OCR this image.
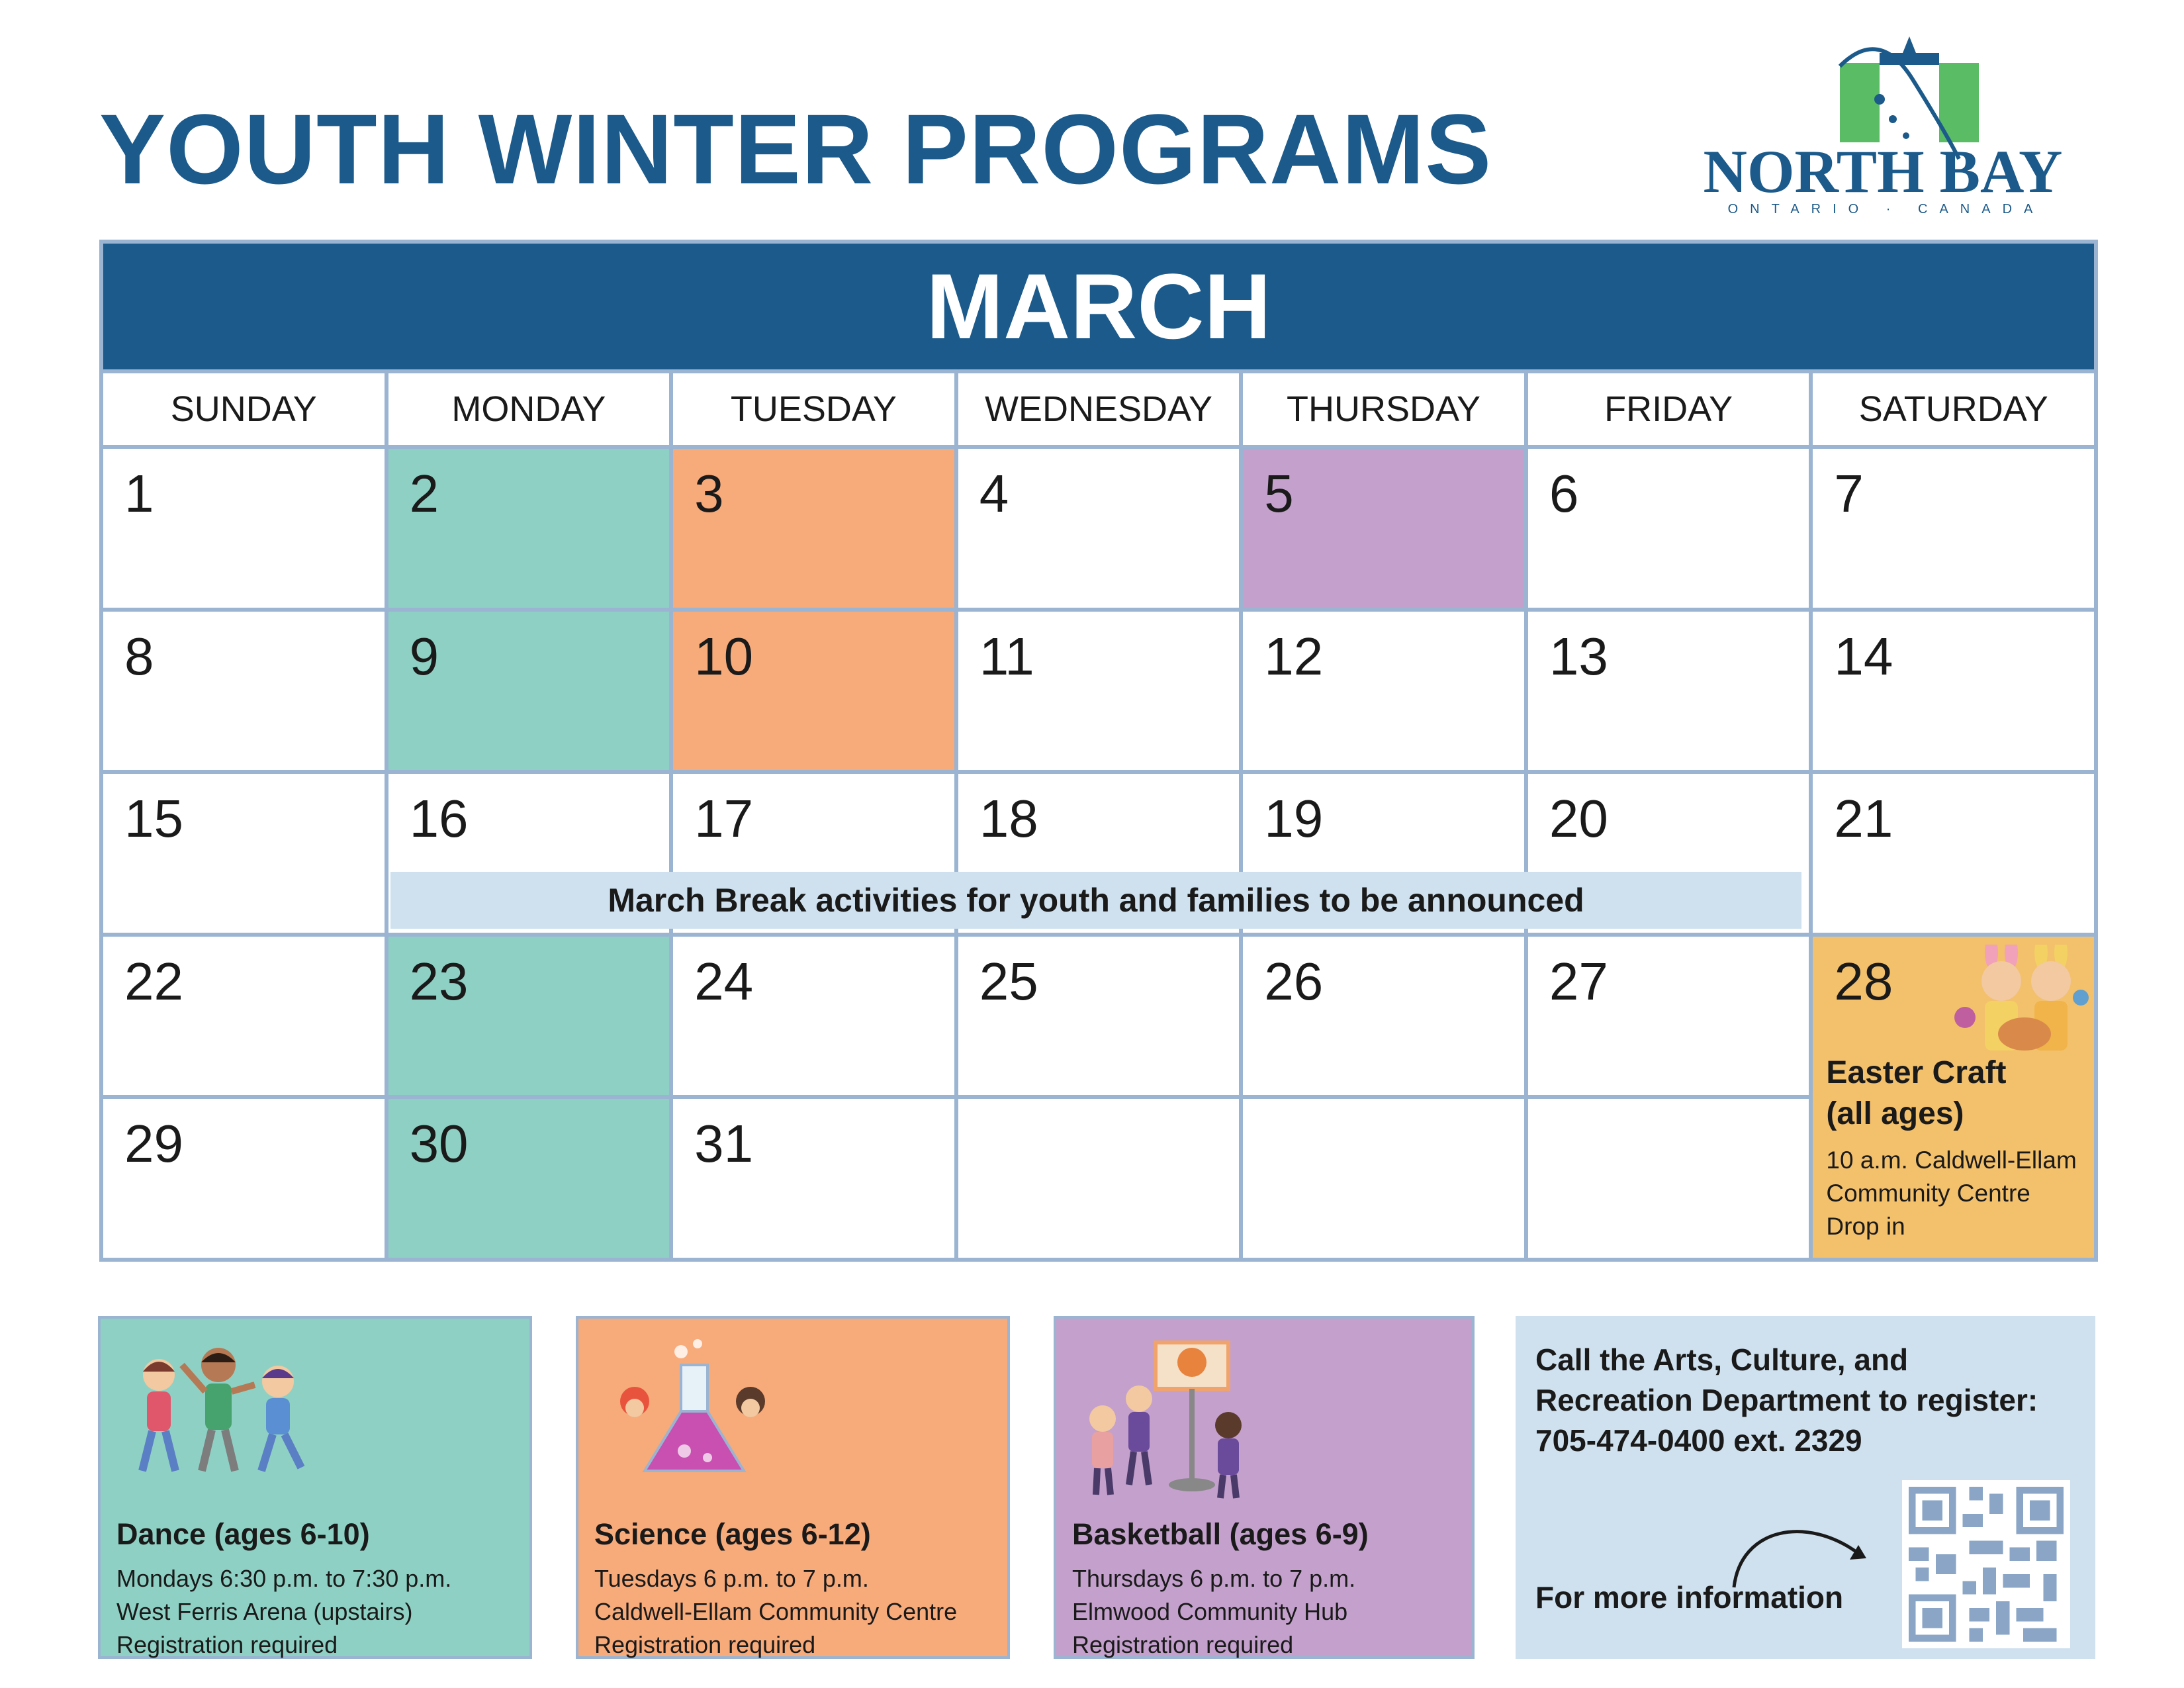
YOUTH WINTER PROGRAMS	NORTH BAY
ONTARIO · CANADA
MARCH
SUNDAY	MONDAY	TUESDAY	WEDNESDAY	THURSDAY	FRIDAY	SATURDAY
1	2	3	4	5	6	7
8	9	10	11	12	13	14
15	16	17	18	19	20	21
22	23	24	25	26	27	28
Easter Craft
(all ages)
10 a.m. Caldwell-Ellam
Community Centre
Drop in
29	30	31
March Break activities for youth and families to be announced
Dance (ages 6-10)
Mondays 6:30 p.m. to 7:30 p.m.
West Ferris Arena (upstairs)
Registration required
Science (ages 6-12)
Tuesdays 6 p.m. to 7 p.m.
Caldwell-Ellam Community Centre
Registration required
Basketball (ages 6-9)
Thursdays 6 p.m. to 7 p.m.
Elmwood Community Hub
Registration required
Call the Arts, Culture, and
Recreation Department to register:
705-474-0400 ext. 2329
For more information
